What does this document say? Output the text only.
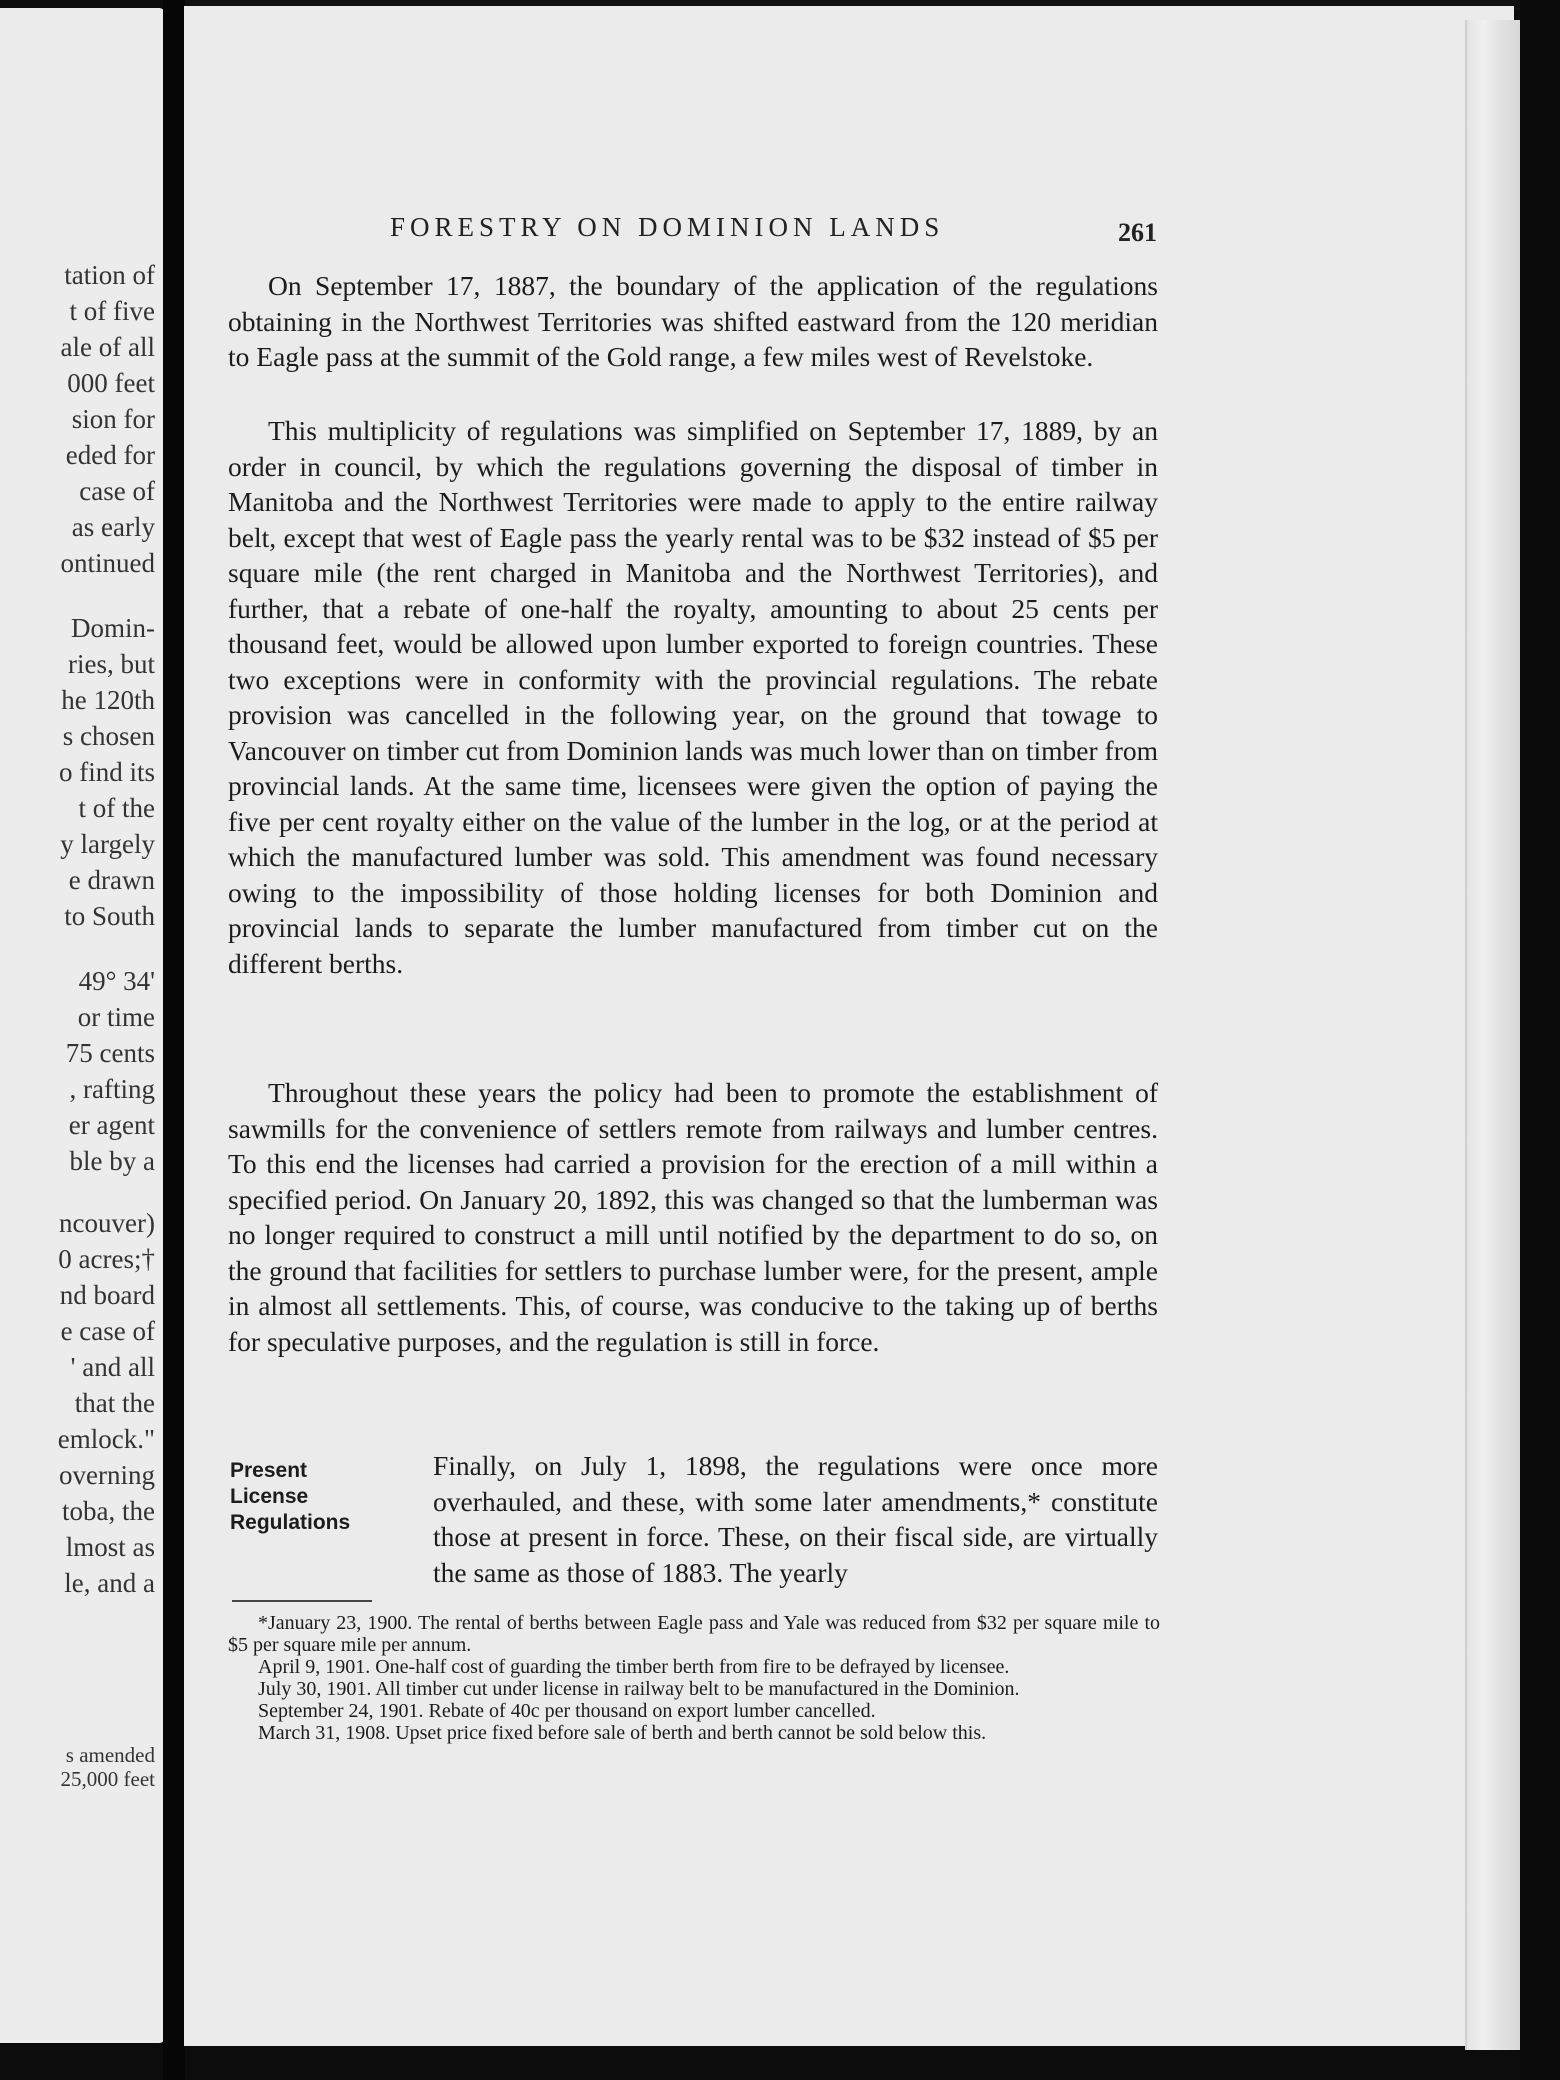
tation of
t of five
ale of all
000 feet
sion for
eded for
case of
as early
ontinued
Domin-
ries, but
he 120th
s chosen
o find its
t of the
y largely
e drawn
to South
49° 34'
or time
75 cents
, rafting
er agent
ble by a
ncouver)
0 acres;†
nd board
e case of
' and all
that the
emlock."
overning
toba, the
lmost as
le, and a
s amended
25,000 feet
FORESTRY ON DOMINION LANDS	261

On September 17, 1887, the boundary of the application of the regulations obtaining in the Northwest Territories was shifted eastward from the 120 meridian to Eagle pass at the summit of the Gold range, a few miles west of Revelstoke.

This multiplicity of regulations was simplified on September 17, 1889, by an order in council, by which the regulations governing the disposal of timber in Manitoba and the Northwest Territories were made to apply to the entire railway belt, except that west of Eagle pass the yearly rental was to be $32 instead of $5 per square mile (the rent charged in Manitoba and the Northwest Territories), and further, that a rebate of one-half the royalty, amounting to about 25 cents per thousand feet, would be allowed upon lumber exported to foreign countries. These two exceptions were in conformity with the provincial regulations. The rebate provision was cancelled in the following year, on the ground that towage to Vancouver on timber cut from Dominion lands was much lower than on timber from provincial lands. At the same time, licensees were given the option of paying the five per cent royalty either on the value of the lumber in the log, or at the period at which the manufactured lumber was sold. This amendment was found necessary owing to the impossibility of those holding licenses for both Dominion and provincial lands to separate the lumber manufactured from timber cut on the different berths.

Throughout these years the policy had been to promote the establishment of sawmills for the convenience of settlers remote from railways and lumber centres. To this end the licenses had carried a provision for the erection of a mill within a specified period. On January 20, 1892, this was changed so that the lumberman was no longer required to construct a mill until notified by the department to do so, on the ground that facilities for settlers to purchase lumber were, for the present, ample in almost all settlements. This, of course, was conducive to the taking up of berths for speculative purposes, and the regulation is still in force.

Present License Regulations
Finally, on July 1, 1898, the regulations were once more overhauled, and these, with some later amendments,* constitute those at present in force. These, on their fiscal side, are virtually the same as those of 1883. The yearly

*January 23, 1900. The rental of berths between Eagle pass and Yale was reduced from $32 per square mile to $5 per square mile per annum.

April 9, 1901. One-half cost of guarding the timber berth from fire to be defrayed by licensee.

July 30, 1901. All timber cut under license in railway belt to be manufactured in the Dominion.

September 24, 1901. Rebate of 40c per thousand on export lumber cancelled.

March 31, 1908. Upset price fixed before sale of berth and berth cannot be sold below this.
